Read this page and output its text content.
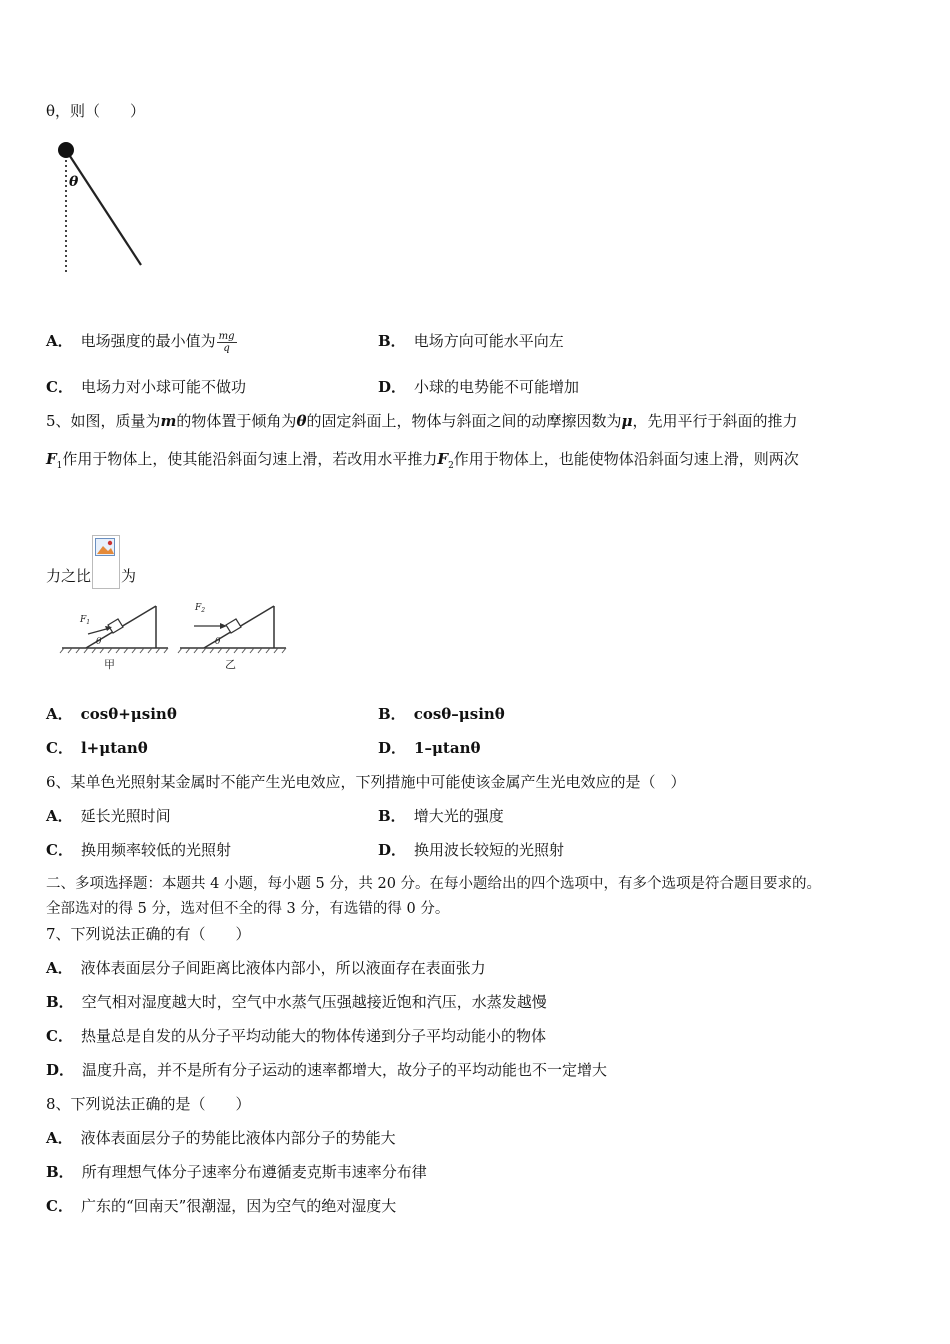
θ，则（　　）
θ
A． 电场强度的最小值为 $\frac{mg}{q}$	B． 电场方向可能水平向左
C． 电场力对小球可能不做功	D． 小球的电势能不可能增加
5、如图，质量为m的物体置于倾角为θ的固定斜面上，物体与斜面之间的动摩擦因数为μ，先用平行于斜面的推力
$F_1$作用于物体上，使其能沿斜面匀速上滑，若改用水平推力$F_2$作用于物体上，也能使物体沿斜面匀速上滑，则两次
力之比 为
$F_1$
θ
甲
$F_2$
θ
乙
A． cosθ+μsinθ	B． cosθ–μsinθ
C． l+μtanθ	D． 1–μtanθ
6、某单色光照射某金属时不能产生光电效应，下列措施中可能使该金属产生光电效应的是（　）
A． 延长光照时间	B． 增大光的强度
C． 换用频率较低的光照射	D． 换用波长较短的光照射
二、多项选择题：本题共 4 小题，每小题 5 分，共 20 分。在每小题给出的四个选项中，有多个选项是符合题目要求的。
全部选对的得 5 分，选对但不全的得 3 分，有选错的得 0 分。
7、下列说法正确的有（　　）
A． 液体表面层分子间距离比液体内部小，所以液面存在表面张力
B． 空气相对湿度越大时，空气中水蒸气压强越接近饱和汽压，水蒸发越慢
C． 热量总是自发的从分子平均动能大的物体传递到分子平均动能小的物体
D． 温度升高，并不是所有分子运动的速率都增大，故分子的平均动能也不一定增大
8、下列说法正确的是（　　）
A． 液体表面层分子的势能比液体内部分子的势能大
B． 所有理想气体分子速率分布遵循麦克斯韦速率分布律
C． 广东的“回南天”很潮湿，因为空气的绝对湿度大
